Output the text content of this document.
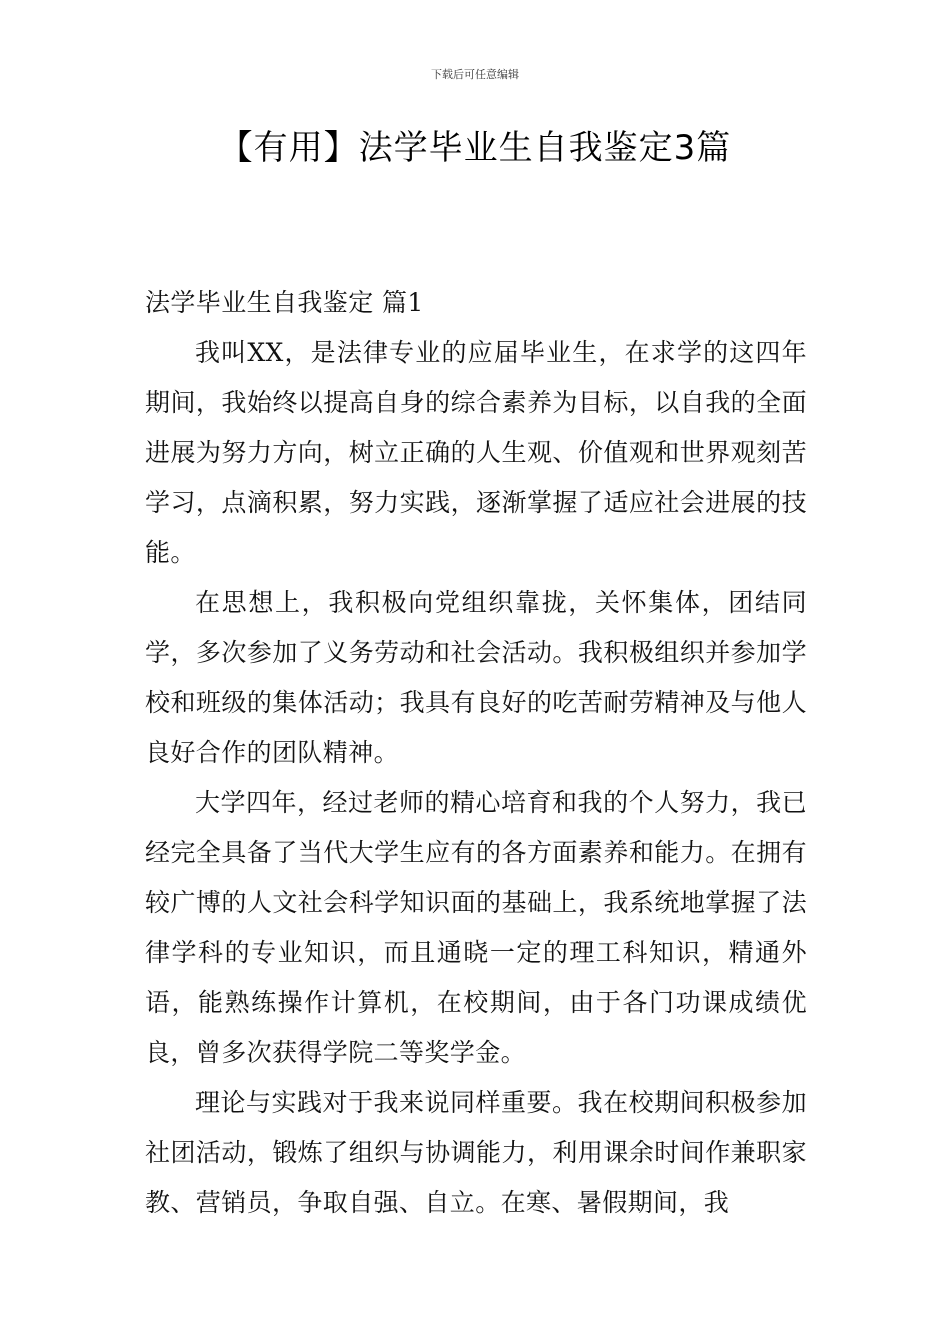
下载后可任意编辑
【有用】法学毕业生自我鉴定3篇

法学毕业生自我鉴定 篇1

我叫XX，是法律专业的应届毕业生，在求学的这四年期间，我始终以提高自身的综合素养为目标，以自我的全面进展为努力方向，树立正确的人生观、价值观和世界观刻苦学习，点滴积累，努力实践，逐渐掌握了适应社会进展的技能。

在思想上，我积极向党组织靠拢，关怀集体，团结同学，多次参加了义务劳动和社会活动。我积极组织并参加学校和班级的集体活动；我具有良好的吃苦耐劳精神及与他人良好合作的团队精神。

大学四年，经过老师的精心培育和我的个人努力，我已经完全具备了当代大学生应有的各方面素养和能力。在拥有较广博的人文社会科学知识面的基础上，我系统地掌握了法律学科的专业知识，而且通晓一定的理工科知识，精通外语，能熟练操作计算机，在校期间，由于各门功课成绩优良，曾多次获得学院二等奖学金。

理论与实践对于我来说同样重要。我在校期间积极参加社团活动，锻炼了组织与协调能力，利用课余时间作兼职家教、营销员，争取自强、自立。在寒、暑假期间，我
